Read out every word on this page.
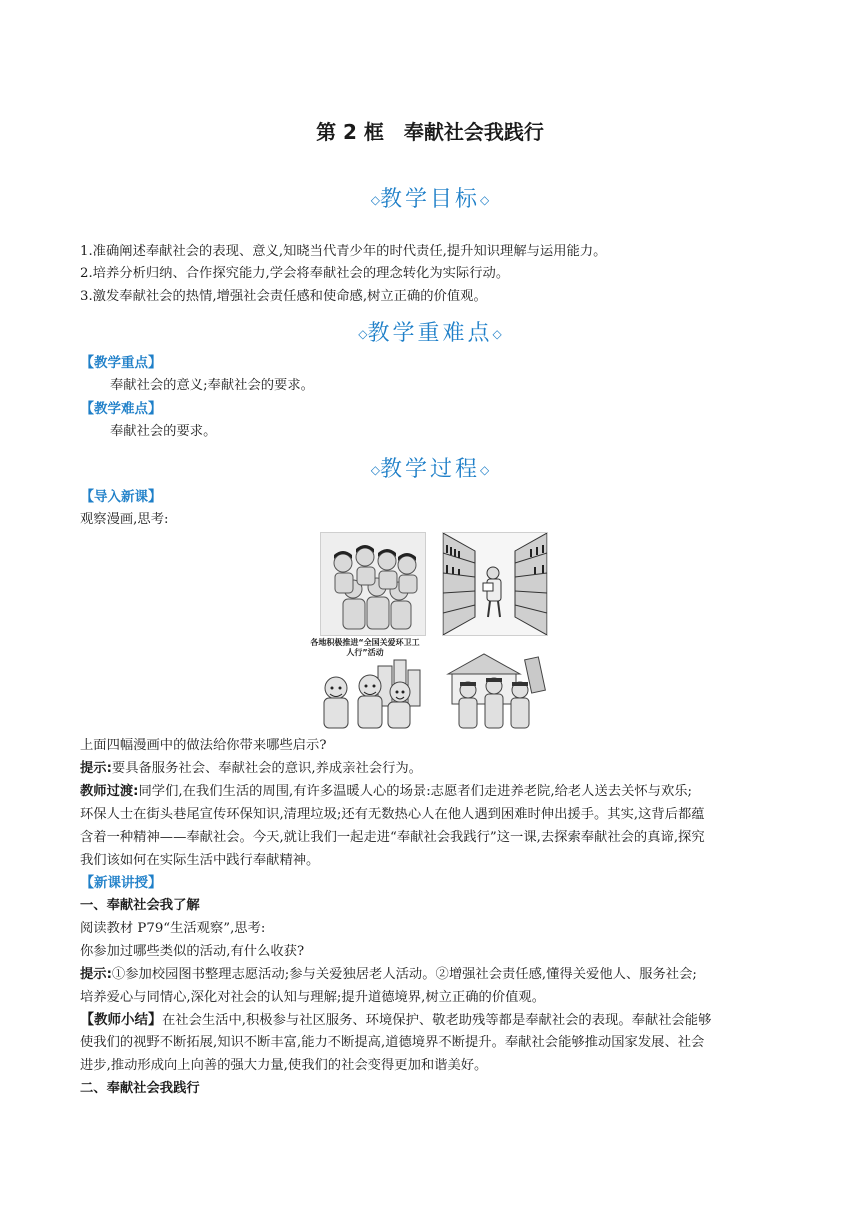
第 2 框　奉献社会我践行
◇教学目标◇
1.准确阐述奉献社会的表现、意义,知晓当代青少年的时代责任,提升知识理解与运用能力。
2.培养分析归纳、合作探究能力,学会将奉献社会的理念转化为实际行动。
3.激发奉献社会的热情,增强社会责任感和使命感,树立正确的价值观。
◇教学重难点◇
【教学重点】
奉献社会的意义;奉献社会的要求。
【教学难点】
奉献社会的要求。
◇教学过程◇
【导入新课】
观察漫画,思考:
各地积极推进“全国关爱环卫工人行”活动
上面四幅漫画中的做法给你带来哪些启示?
提示:要具备服务社会、奉献社会的意识,养成亲社会行为。
教师过渡:同学们,在我们生活的周围,有许多温暖人心的场景:志愿者们走进养老院,给老人送去关怀与欢乐;
环保人士在街头巷尾宣传环保知识,清理垃圾;还有无数热心人在他人遇到困难时伸出援手。其实,这背后都蕴
含着一种精神——奉献社会。今天,就让我们一起走进“奉献社会我践行”这一课,去探索奉献社会的真谛,探究
我们该如何在实际生活中践行奉献精神。
【新课讲授】
一、奉献社会我了解
阅读教材 P79“生活观察”,思考:
你参加过哪些类似的活动,有什么收获?
提示:①参加校园图书整理志愿活动;参与关爱独居老人活动。②增强社会责任感,懂得关爱他人、服务社会;
培养爱心与同情心,深化对社会的认知与理解;提升道德境界,树立正确的价值观。
【教师小结】在社会生活中,积极参与社区服务、环境保护、敬老助残等都是奉献社会的表现。奉献社会能够
使我们的视野不断拓展,知识不断丰富,能力不断提高,道德境界不断提升。奉献社会能够推动国家发展、社会
进步,推动形成向上向善的强大力量,使我们的社会变得更加和谐美好。
二、奉献社会我践行
